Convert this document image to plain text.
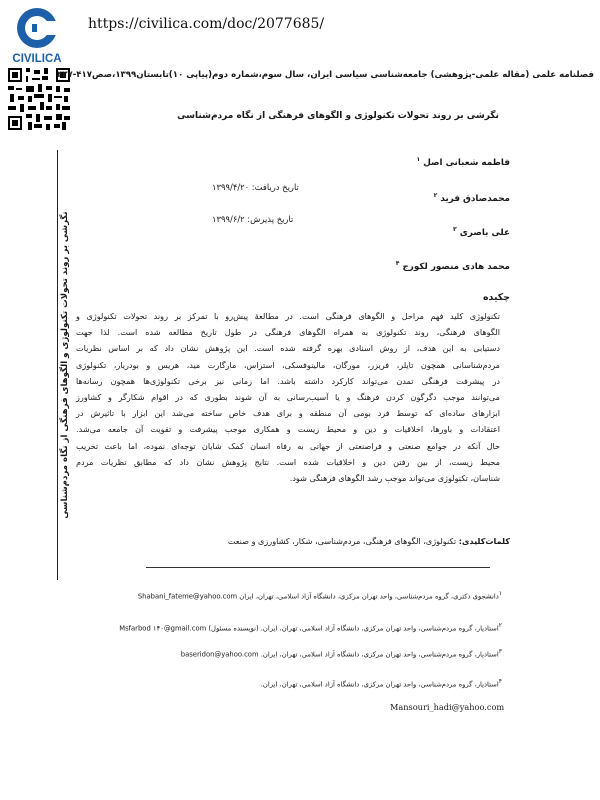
CIVILICA
https://civilica.com/doc/2077685/
فصلنامه علمی (مقاله علمی-پژوهشی) جامعه‌شناسی سیاسی ایران، سال سوم،شماره دوم(پیاپی ۱۰)تابستان۱۳۹۹،صص۴۱۷-۴۳۷
نگرشی بر روند تحولات تکنولوژی و الگوهای فرهنگی از نگاه مردم‌شناسی
نگرشی بر روند تحولات تکنولوژی و الگوهای فرهنگی از نگاه مردم‌شناسی
فاطمه شعبانی اصل $^۱$
محمدصادق فرید $^۲$
علی باصری $^۳$
محمد هادی منصور لکورج $^۴$
تاریخ دریافت: ۱۳۹۹/۴/۲۰
تاریخ پذیرش: ۱۳۹۹/۶/۲
چکیده
تکنولوژی کلید فهم مراحل و الگوهای فرهنگی است. در مطالعهٔ پیش‌رو با تمرکز بر روند تحولات تکنولوژی و
الگوهای فرهنگی، روند تکنولوژی به همراه الگوهای فرهنگی در طول تاریخ مطالعه شده است. لذا جهت
دستیابی به این هدف، از روش اسنادی بهره گرفته شده است. این پژوهش نشان داد که بر اساس نظریات
مردم‌شناسانی همچون تایلر، فریزر، مورگان، مالینوفسکی، استراس، مارگارت مید، هریس و بودریار، تکنولوژی
در پیشرفت فرهنگی تمدن می‌تواند کارکرد داشته باشد. اما زمانی نیز برخی تکنولوژی‌ها همچون رسانه‌ها
می‌توانند موجب دگرگون کردن فرهنگ و یا آسیب‌رسانی به آن شوند بطوری که در اقوام شکارگر و کشاورز
ابزارهای ساده‌ای که توسط فرد بومی آن منطقه و برای هدف خاص ساخته می‌شد این ابزار با تاثیرش در
اعتقادات و باورها، اخلاقیات و دین و محیط زیست و همکاری موجب پیشرفت و تقویت آن جامعه می‌شد.
حال آنکه در جوامع صنعتی و فراصنعتی از جهاتی به رفاه انسان کمک شایان توجه‌ای نموده، اما باعث تخریب
محیط زیست، از بین رفتن دین و اخلاقیات شده است. نتایج پژوهش نشان داد که مطابق نظریات مردم
شناسان، تکنولوژی می‌تواند موجب رشد الگوهای فرهنگی شود.
کلمات‌کلیدی: تکنولوژی، الگوهای فرهنگی، مردم‌شناسی، شکار، کشاورزی و صنعت
$^۱$دانشجوی دکتری، گروه مردم‌شناسی، واحد تهران مرکزی، دانشگاه آزاد اسلامی، تهران، ایران Shabani_fateme@yahoo.com
$^۲$استادیار، گروه مردم‌شناسی، واحد تهران مرکزی، دانشگاه آزاد اسلامی، تهران، ایران. (نویسنده مسئول) Msfarbod ۱۴۰@gmail.com
$^۳$استادیار، گروه مردم‌شناسی، واحد تهران مرکزی، دانشگاه آزاد اسلامی، تهران، ایران. baseridon@yahoo.com
$^۴$استادیار، گروه مردم‌شناسی، واحد تهران مرکزی، دانشگاه آزاد اسلامی، تهران، ایران.
Mansouri_hadi@yahoo.com
